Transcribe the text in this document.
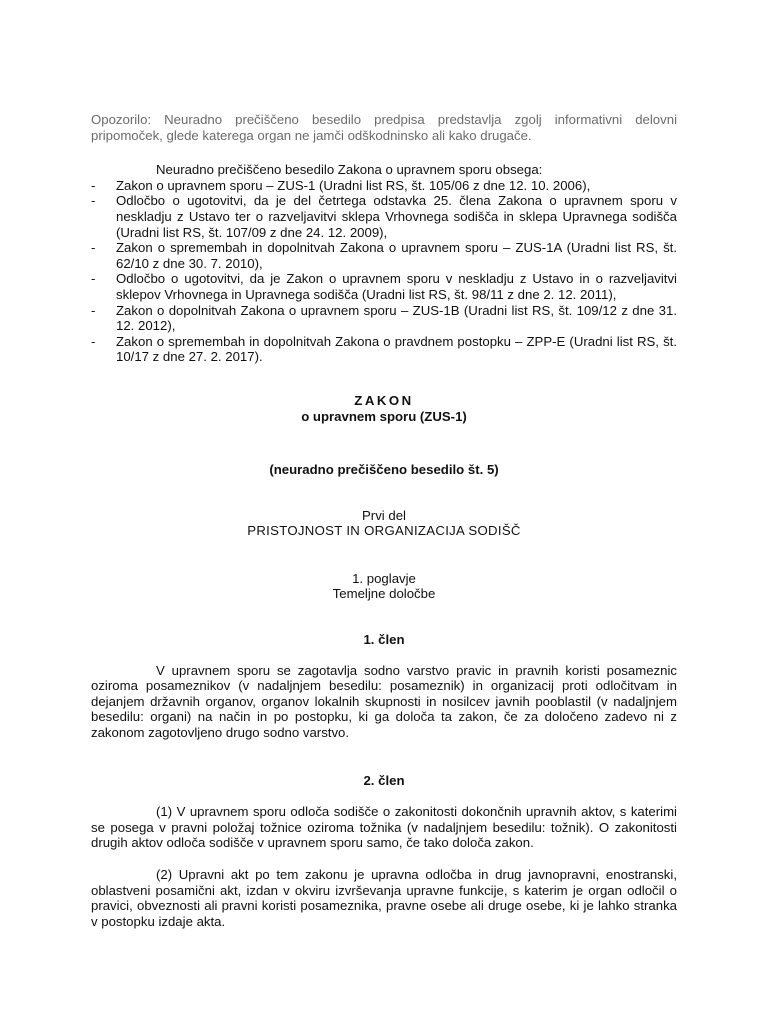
Opozorilo: Neuradno prečiščeno besedilo predpisa predstavlja zgolj informativni delovni pripomoček, glede katerega organ ne jamči odškodninsko ali kako drugače.

Neuradno prečiščeno besedilo Zakona o upravnem sporu obsega:

- Zakon o upravnem sporu – ZUS-1 (Uradni list RS, št. 105/06 z dne 12. 10. 2006),
- Odločbo o ugotovitvi, da je del četrtega odstavka 25. člena Zakona o upravnem sporu v neskladju z Ustavo ter o razveljavitvi sklepa Vrhovnega sodišča in sklepa Upravnega sodišča (Uradni list RS, št. 107/09 z dne 24. 12. 2009),
- Zakon o spremembah in dopolnitvah Zakona o upravnem sporu – ZUS-1A (Uradni list RS, št. 62/10 z dne 30. 7. 2010),
- Odločbo o ugotovitvi, da je Zakon o upravnem sporu v neskladju z Ustavo in o razveljavitvi sklepov Vrhovnega in Upravnega sodišča (Uradni list RS, št. 98/11 z dne 2. 12. 2011),
- Zakon o dopolnitvah Zakona o upravnem sporu – ZUS-1B (Uradni list RS, št. 109/12 z dne 31. 12. 2012),
- Zakon o spremembah in dopolnitvah Zakona o pravdnem postopku – ZPP-E (Uradni list RS, št. 10/17 z dne 27. 2. 2017).
ZAKON
o upravnem sporu (ZUS-1)
(neuradno prečiščeno besedilo št. 5)
Prvi del
PRISTOJNOST IN ORGANIZACIJA SODIŠČ
1. poglavje
Temeljne določbe
1. člen

V upravnem sporu se zagotavlja sodno varstvo pravic in pravnih koristi posameznic oziroma posameznikov (v nadaljnjem besedilu: posameznik) in organizacij proti odločitvam in dejanjem državnih organov, organov lokalnih skupnosti in nosilcev javnih pooblastil (v nadaljnjem besedilu: organi) na način in po postopku, ki ga določa ta zakon, če za določeno zadevo ni z zakonom zagotovljeno drugo sodno varstvo.

2. člen

(1) V upravnem sporu odloča sodišče o zakonitosti dokončnih upravnih aktov, s katerimi se posega v pravni položaj tožnice oziroma tožnika (v nadaljnjem besedilu: tožnik). O zakonitosti drugih aktov odloča sodišče v upravnem sporu samo, če tako določa zakon.

(2) Upravni akt po tem zakonu je upravna odločba in drug javnopravni, enostranski, oblastveni posamični akt, izdan v okviru izvrševanja upravne funkcije, s katerim je organ odločil o pravici, obveznosti ali pravni koristi posameznika, pravne osebe ali druge osebe, ki je lahko stranka v postopku izdaje akta.
